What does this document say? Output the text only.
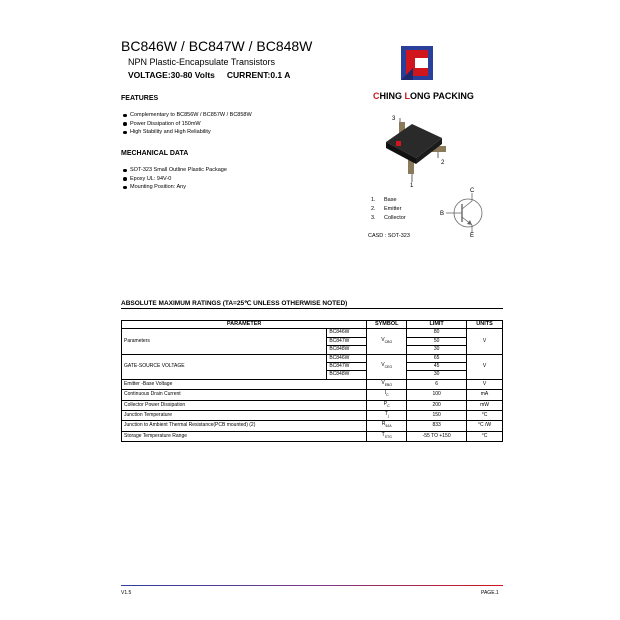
BC846W / BC847W / BC848W
NPN Plastic-Encapsulate Transistors
VOLTAGE:30-80 Volts CURRENT:0.1 A
CHING LONG PACKING
FEATURES
Complementary to BC856W / BC857W / BC858W
Power Dissipation of 150mW
High Stability and High Reliability
MECHANICAL DATA
SOT-323 Small Outline Plastic Package
Epoxy UL: 94V-0
Mounting Position: Any	1
2
3
1. Base
2. Emitter
3. Collector
CASD : SOT-323
C
B
E
ABSOLUTE MAXIMUM RATINGS (TA=25℃ UNLESS OTHERWISE NOTED)
PARAMETER		SYMBOL	LIMIT	UNITS
Parameters	BC846W	$V_{CBO}$	80	V
	BC847W		50	
	BC848W		30	
GATE-SOURCE VOLTAGE	BC846W	$V_{CEO}$	65	V
	BC847W		45	
	BC848W		30	
Emitter -Base Voltage		$V_{EBO}$	6	V
Continuous Drain Current		$I_C$	100	mA
Collector Power Dissipation		$P_C$	200	mW
Junction Temperature		$T_j$	150	°C
Junction to Ambient Thermal Resistance(PCB mounted) (2)		$R_{\theta JA}$	833	°C /W
Storage Temperature Range		$T_{STG}$	-55 TO +150	°C
V1.5	PAGE.1
